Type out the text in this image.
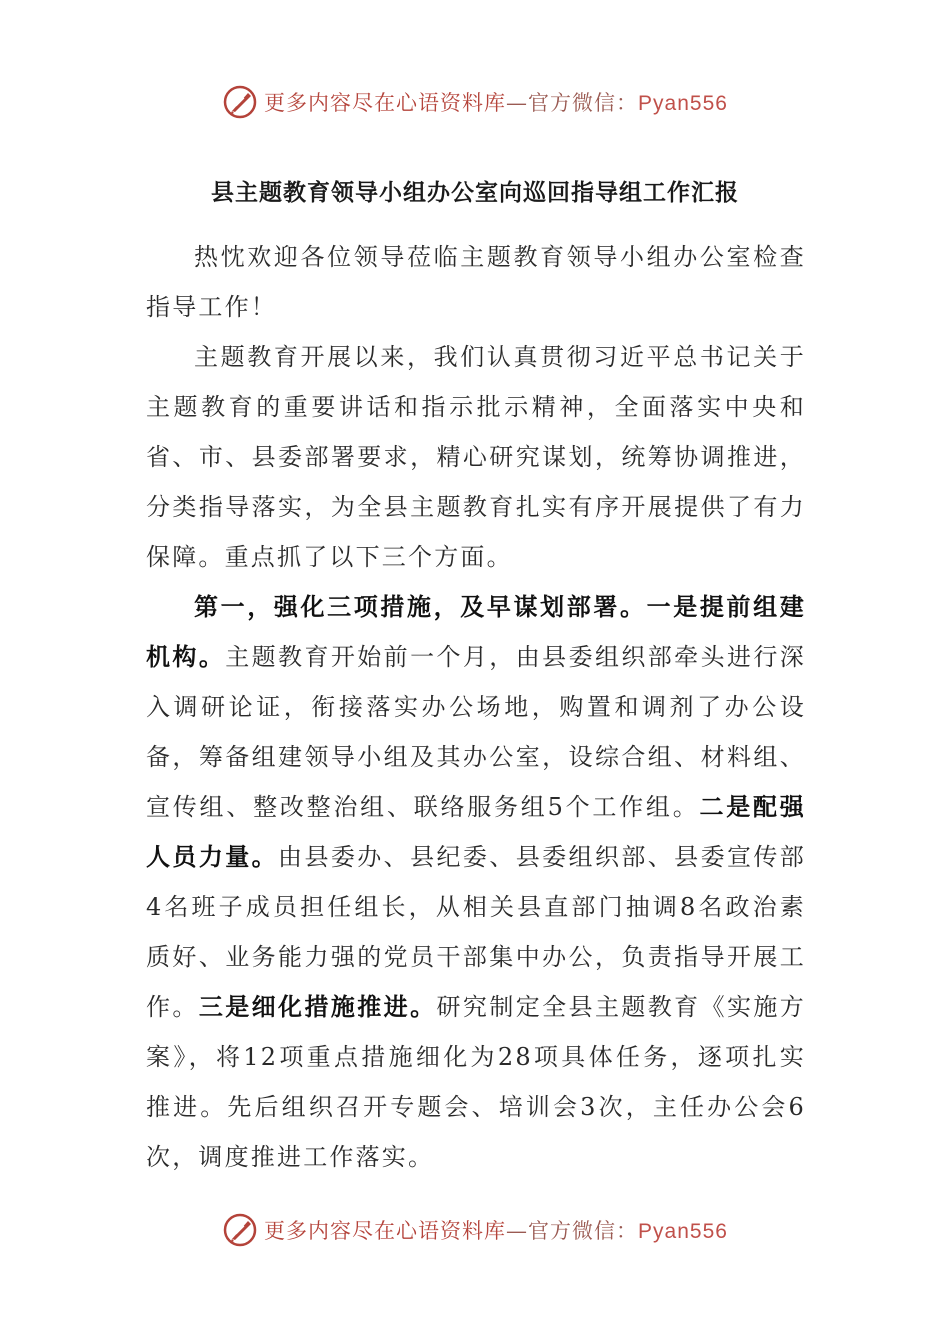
更多内容尽在心语资料库—官方微信：Pyan556
县主题教育领导小组办公室向巡回指导组工作汇报

热忱欢迎各位领导莅临主题教育领导小组办公室检查指导工作！

主题教育开展以来，我们认真贯彻习近平总书记关于主题教育的重要讲话和指示批示精神，全面落实中央和省、市、县委部署要求，精心研究谋划，统筹协调推进，分类指导落实，为全县主题教育扎实有序开展提供了有力保障。重点抓了以下三个方面。

第一，强化三项措施，及早谋划部署。一是提前组建机构。主题教育开始前一个月，由县委组织部牵头进行深入调研论证，衔接落实办公场地，购置和调剂了办公设备，筹备组建领导小组及其办公室，设综合组、材料组、宣传组、整改整治组、联络服务组5个工作组。二是配强人员力量。由县委办、县纪委、县委组织部、县委宣传部4名班子成员担任组长，从相关县直部门抽调8名政治素质好、业务能力强的党员干部集中办公，负责指导开展工作。三是细化措施推进。研究制定全县主题教育《实施方案》，将12项重点措施细化为28项具体任务，逐项扎实推进。先后组织召开专题会、培训会3次，主任办公会6次，调度推进工作落实。

更多内容尽在心语资料库—官方微信：Pyan556
